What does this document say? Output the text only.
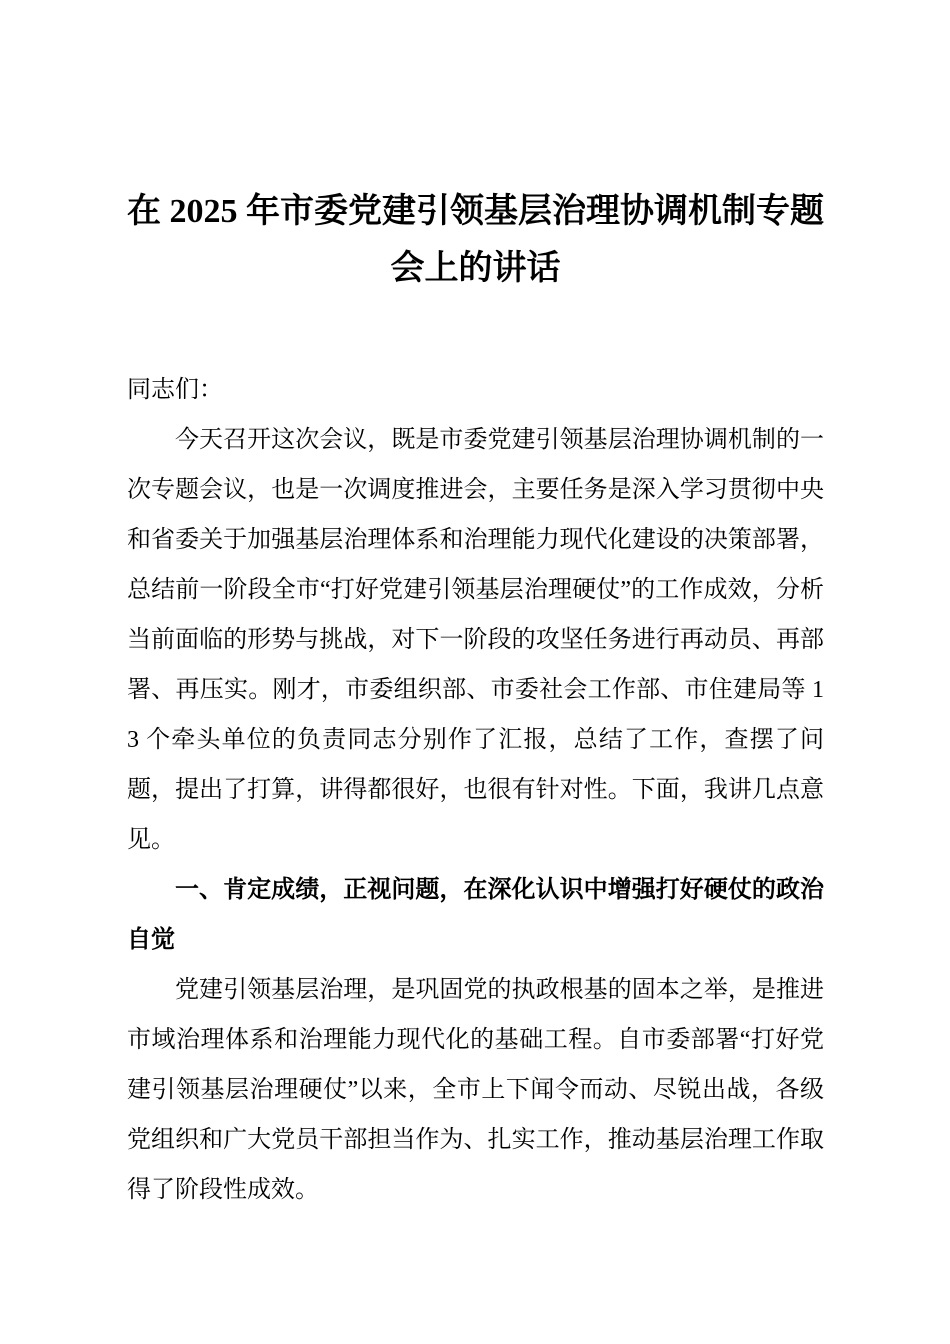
在 2025 年市委党建引领基层治理协调机制专题会上的讲话

同志们：

今天召开这次会议，既是市委党建引领基层治理协调机制的一次专题会议，也是一次调度推进会，主要任务是深入学习贯彻中央和省委关于加强基层治理体系和治理能力现代化建设的决策部署，总结前一阶段全市“打好党建引领基层治理硬仗”的工作成效，分析当前面临的形势与挑战，对下一阶段的攻坚任务进行再动员、再部署、再压实。刚才，市委组织部、市委社会工作部、市住建局等 13 个牵头单位的负责同志分别作了汇报，总结了工作，查摆了问题，提出了打算，讲得都很好，也很有针对性。下面，我讲几点意见。

一、肯定成绩，正视问题，在深化认识中增强打好硬仗的政治自觉

党建引领基层治理，是巩固党的执政根基的固本之举，是推进市域治理体系和治理能力现代化的基础工程。自市委部署“打好党建引领基层治理硬仗”以来，全市上下闻令而动、尽锐出战，各级党组织和广大党员干部担当作为、扎实工作，推动基层治理工作取得了阶段性成效。
